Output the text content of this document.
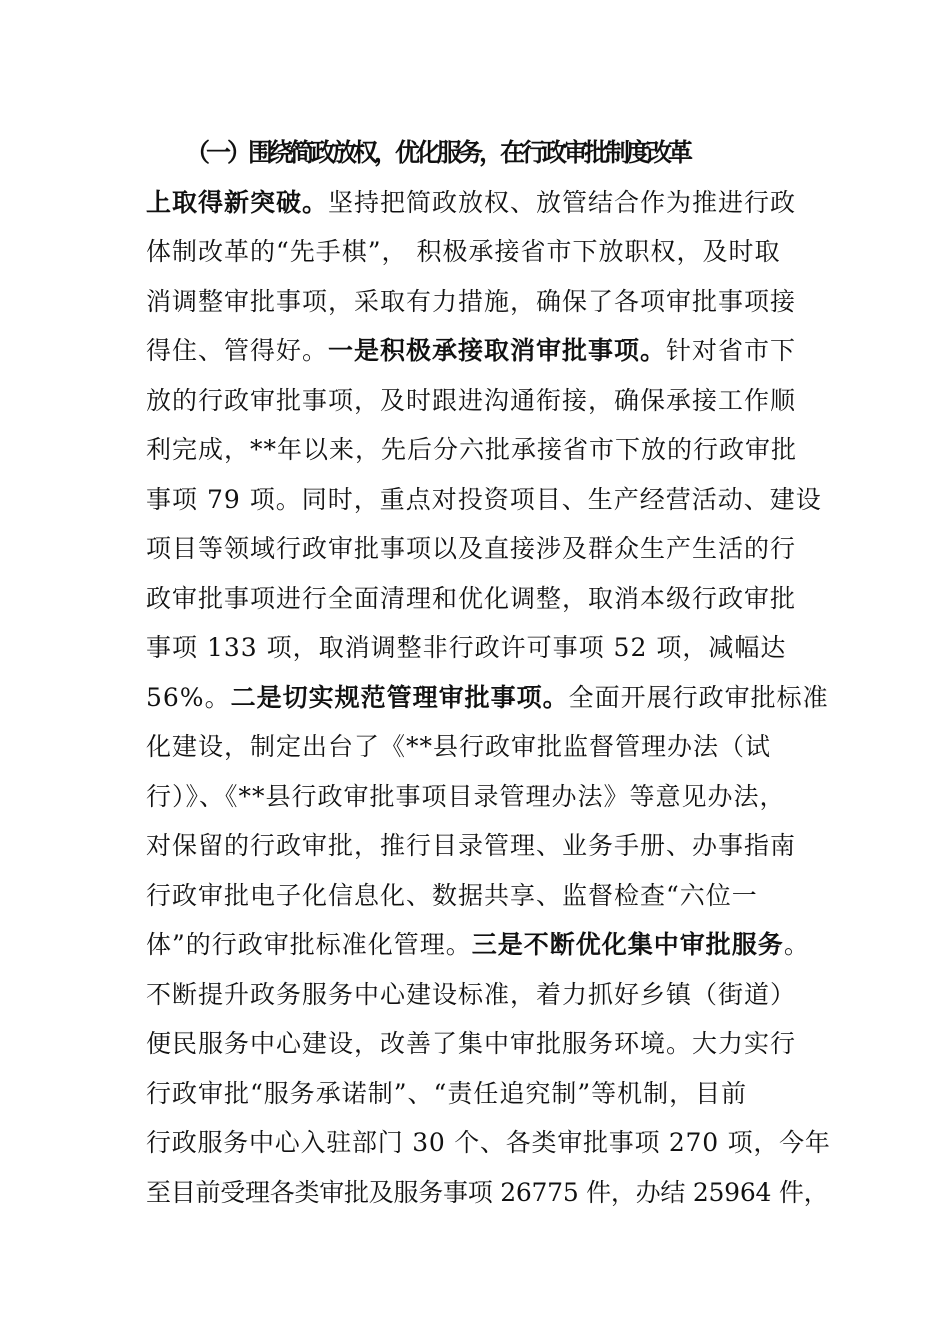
（一）围绕简政放权，优化服务，在行政审批制度改革
上取得新突破。坚持把简政放权、放管结合作为推进行政
体制改革的“先手棋”， 积极承接省市下放职权，及时取
消调整审批事项，采取有力措施，确保了各项审批事项接
得住、管得好。一是积极承接取消审批事项。针对省市下
放的行政审批事项，及时跟进沟通衔接，确保承接工作顺
利完成，**年以来，先后分六批承接省市下放的行政审批
事项 79 项。同时，重点对投资项目、生产经营活动、建设
项目等领域行政审批事项以及直接涉及群众生产生活的行
政审批事项进行全面清理和优化调整，取消本级行政审批
事项 133 项，取消调整非行政许可事项 52 项，减幅达
56%。二是切实规范管理审批事项。全面开展行政审批标准
化建设，制定出台了《**县行政审批监督管理办法（试
行）》、《**县行政审批事项目录管理办法》等意见办法，
对保留的行政审批，推行目录管理、业务手册、办事指南
行政审批电子化信息化、数据共享、监督检查“六位一
体”的行政审批标准化管理。三是不断优化集中审批服务。
不断提升政务服务中心建设标准，着力抓好乡镇（街道）
便民服务中心建设，改善了集中审批服务环境。大力实行
行政审批“服务承诺制”、“责任追究制”等机制，目前
行政服务中心入驻部门 30 个、各类审批事项 270 项，今年
至目前受理各类审批及服务事项 26775 件，办结 25964 件，
